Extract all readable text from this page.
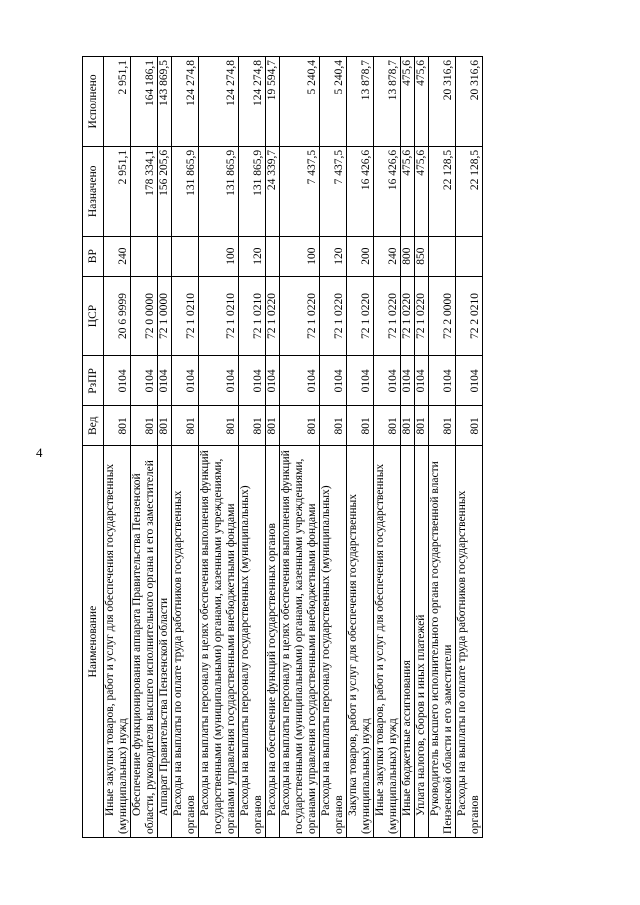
4
Наименование	Вед	РзПР	ЦСР	ВР	Назначено	Исполнено
Иные закупки товаров, работ и услуг для обеспечения государственных (муниципальных) нужд	801	0104	20 6 9999	240	2 951,1	2 951,1
Обеспечение функционирования аппарата Правительства Пензенской области, руководителя высшего исполнительного органа и его заместителей	801	0104	72 0 0000		178 334,1	164 186,1
Аппарат Правительства Пензенской области	801	0104	72 1 0000		156 205,6	143 869,5
Расходы на выплаты по оплате труда работников государственных органов	801	0104	72 1 0210		131 865,9	124 274,8
Расходы на выплаты персоналу в целях обеспечения выполнения функций государственными (муниципальными) органами, казенными учреждениями, органами управления государственными внебюджетными фондами	801	0104	72 1 0210	100	131 865,9	124 274,8
Расходы на выплаты персоналу государственных (муниципальных) органов	801	0104	72 1 0210	120	131 865,9	124 274,8
Расходы на обеспечение функций государственных органов	801	0104	72 1 0220		24 339,7	19 594,7
Расходы на выплаты персоналу в целях обеспечения выполнения функций государственными (муниципальными) органами, казенными учреждениями, органами управления государственными внебюджетными фондами	801	0104	72 1 0220	100	7 437,5	5 240,4
Расходы на выплаты персоналу государственных (муниципальных) органов	801	0104	72 1 0220	120	7 437,5	5 240,4
Закупка товаров, работ и услуг для обеспечения государственных (муниципальных) нужд	801	0104	72 1 0220	200	16 426,6	13 878,7
Иные закупки товаров, работ и услуг для обеспечения государственных (муниципальных) нужд	801	0104	72 1 0220	240	16 426,6	13 878,7
Иные бюджетные ассигнования	801	0104	72 1 0220	800	475,6	475,6
Уплата налогов, сборов и иных платежей	801	0104	72 1 0220	850	475,6	475,6
Руководитель высшего исполнительного органа государственной власти Пензенской области и его заместители	801	0104	72 2 0000		22 128,5	20 316,6
Расходы на выплаты по оплате труда работников государственных органов	801	0104	72 2 0210		22 128,5	20 316,6
